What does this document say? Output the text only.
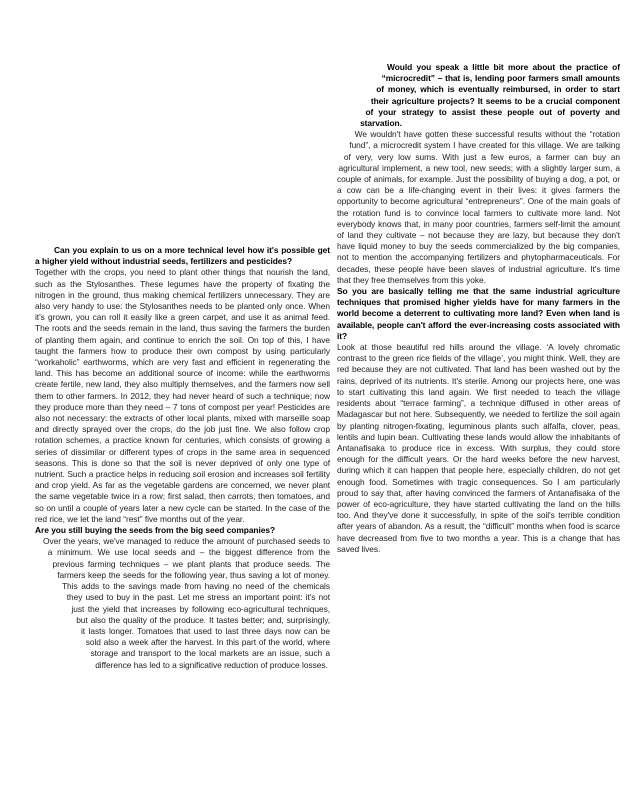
Can you explain to us on a more technical level how it's possible get a higher yield without industrial seeds, fertilizers and pesticides?

Together with the crops, you need to plant other things that nourish the land, such as the Stylosanthes. These legumes have the property of fixating the nitrogen in the ground, thus making chemical fertilizers unnecessary. They are also very handy to use: the Stylosanthes needs to be planted only once. When it's grown, you can roll it easily like a green carpet, and use it as animal feed. The roots and the seeds remain in the land, thus saving the farmers the burden of planting them again, and continue to enrich the soil. On top of this, I have taught the farmers how to produce their own compost by using particularly “workaholic” earthworms, which are very fast and efficient in regenerating the land. This has become an additional source of income: while the earthworms create fertile, new land, they also multiply themselves, and the farmers now sell them to other farmers. In 2012, they had never heard of such a technique; now they produce more than they need – 7 tons of compost per year! Pesticides are also not necessary: the extracts of other local plants, mixed with marseille soap and directly sprayed over the crops, do the job just fine. We also follow crop rotation schemes, a practice known for centuries, which consists of growing a series of dissimilar or different types of crops in the same area in sequenced seasons. This is done so that the soil is never deprived of only one type of nutrient. Such a practice helps in reducing soil erosion and increases soil fertility and crop yield. As far as the vegetable gardens are concerned, we never plant the same vegetable twice in a row; first salad, then carrots, then tomatoes, and so on until a couple of years later a new cycle can be started. In the case of the red rice, we let the land “rest” five months out of the year.

Are you still buying the seeds from the big seed companies?

Over the years, we've managed to reduce the amount of purchased seeds to a minimum. We use local seeds and – the biggest difference from the previous farming techniques – we plant plants that produce seeds. The farmers keep the seeds for the following year, thus saving a lot of money. This adds to the savings made from having no need of the chemicals they used to buy in the past. Let me stress an important point: it's not just the yield that increases by following eco-agricultural techniques, but also the quality of the produce. It tastes better; and, surprisingly, it lasts longer. Tomatoes that used to last three days now can be sold also a week after the harvest. In this part of the world, where storage and transport to the local markets are an issue, such a difference has led to a significative reduction of produce losses.

Would you speak a little bit more about the practice of “microcredit” – that is, lending poor farmers small amounts of money, which is eventually reimbursed, in order to start their agriculture projects? It seems to be a crucial component of your strategy to assist these people out of poverty and starvation.

We wouldn't have gotten these successful results without the “rotation fund”, a microcredit system I have created for this village. We are talking of very, very low sums. With just a few euros, a farmer can buy an agricultural implement, a new tool, new seeds; with a slightly larger sum, a couple of animals, for example. Just the possibility of buying a dog, a pot, or a cow can be a life-changing event in their lives: it gives farmers the opportunity to become agricultural “entrepreneurs”. One of the main goals of the rotation fund is to convince local farmers to cultivate more land. Not everybody knows that, in many poor countries, farmers self-limit the amount of land they cultivate – not because they are lazy, but because they don't have liquid money to buy the seeds commercialized by the big companies, not to mention the accompanying fertilizers and phytopharmaceuticals. For decades, these people have been slaves of industrial agriculture. It's time that they free themselves from this yoke.

So you are basically telling me that the same industrial agriculture techniques that promised higher yields have for many farmers in the world become a deterrent to cultivating more land? Even when land is available, people can't afford the ever-increasing costs associated with it?

Look at those beautiful red hills around the village. ‘A lovely chromatic contrast to the green rice fields of the village’, you might think. Well, they are red because they are not cultivated. That land has been washed out by the rains, deprived of its nutrients. It's sterile. Among our projects here, one was to start cultivating this land again. We first needed to teach the village residents about “terrace farming”, a technique diffused in other areas of Madagascar but not here. Subsequently, we needed to fertilize the soil again by planting nitrogen-fixating, leguminous plants such alfalfa, clover, peas, lentils and lupin bean. Cultivating these lands would allow the inhabitants of Antanafisaka to produce rice in excess. With surplus, they could store enough for the difficult years. Or the hard weeks before the new harvest, during which it can happen that people here, especially children, do not get enough food. Sometimes with tragic consequences. So I am particularly proud to say that, after having convinced the farmers of Antanafisaka of the power of eco-agriculture, they have started cultivating the land on the hills too. And they've done it successfully, in spite of the soil's terrible condition after years of abandon. As a result, the “difficult” months when food is scarce have decreased from five to two months a year. This is a change that has saved lives.
